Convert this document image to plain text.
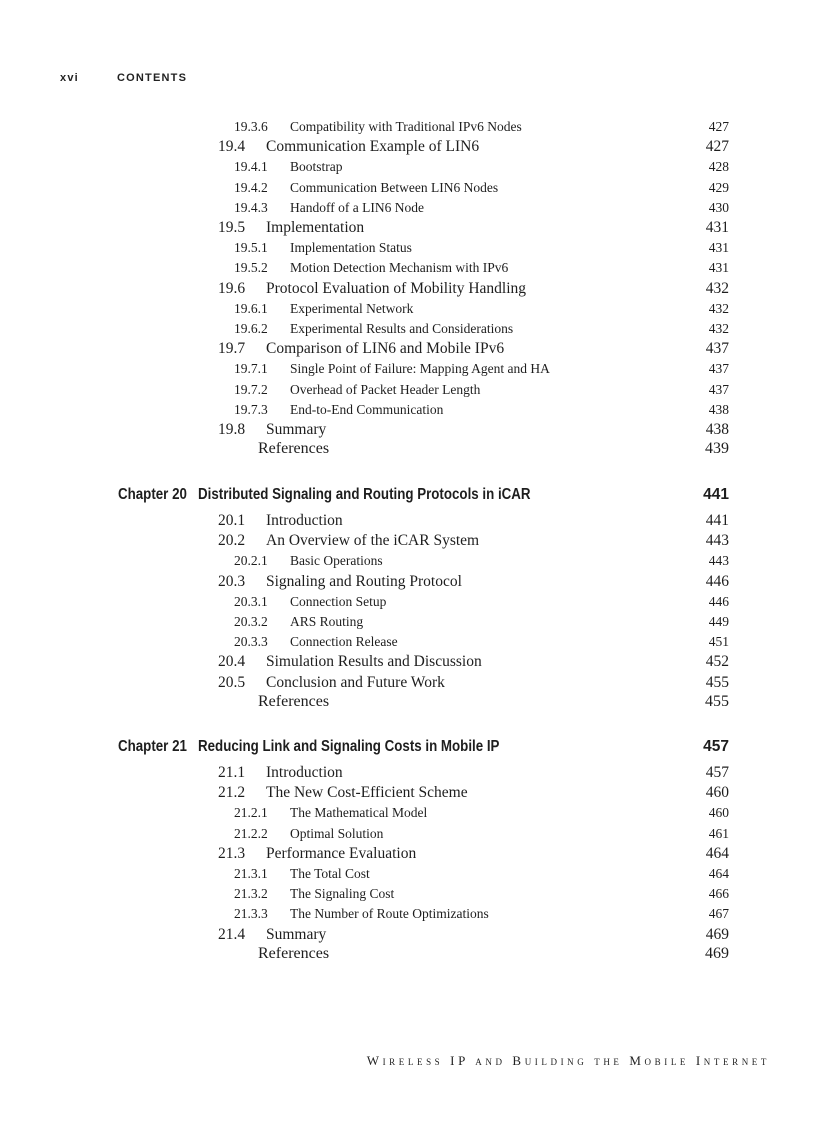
xvi	CONTENTS
19.3.6 Compatibility with Traditional IPv6 Nodes	427
19.4 Communication Example of LIN6	427
19.4.1 Bootstrap	428
19.4.2 Communication Between LIN6 Nodes	429
19.4.3 Handoff of a LIN6 Node	430
19.5 Implementation	431
19.5.1 Implementation Status	431
19.5.2 Motion Detection Mechanism with IPv6	431
19.6 Protocol Evaluation of Mobility Handling	432
19.6.1 Experimental Network	432
19.6.2 Experimental Results and Considerations	432
19.7 Comparison of LIN6 and Mobile IPv6	437
19.7.1 Single Point of Failure: Mapping Agent and HA	437
19.7.2 Overhead of Packet Header Length	437
19.7.3 End-to-End Communication	438
19.8 Summary	438
References	439
Chapter 20 Distributed Signaling and Routing Protocols in iCAR	441
20.1 Introduction	441
20.2 An Overview of the iCAR System	443
20.2.1 Basic Operations	443
20.3 Signaling and Routing Protocol	446
20.3.1 Connection Setup	446
20.3.2 ARS Routing	449
20.3.3 Connection Release	451
20.4 Simulation Results and Discussion	452
20.5 Conclusion and Future Work	455
References	455
Chapter 21 Reducing Link and Signaling Costs in Mobile IP	457
21.1 Introduction	457
21.2 The New Cost-Efficient Scheme	460
21.2.1 The Mathematical Model	460
21.2.2 Optimal Solution	461
21.3 Performance Evaluation	464
21.3.1 The Total Cost	464
21.3.2 The Signaling Cost	466
21.3.3 The Number of Route Optimizations	467
21.4 Summary	469
References	469
Wireless IP and Building the Mobile Internet
